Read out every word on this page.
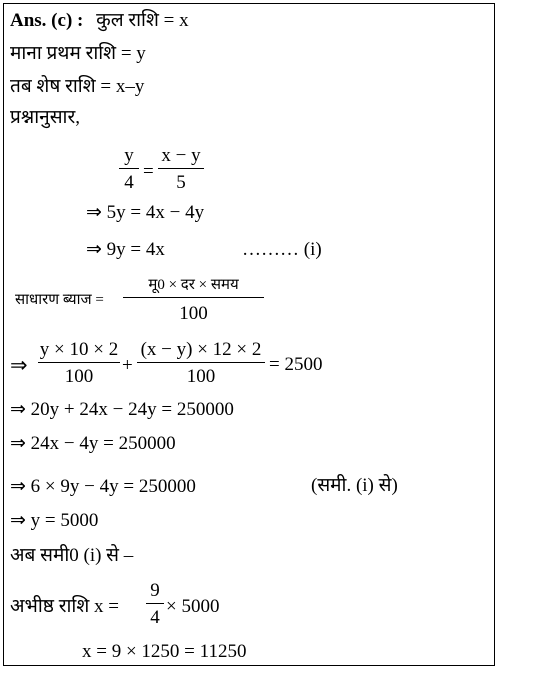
Ans. (c) : कुल राशि = x
माना प्रथम राशि = y
तब शेष राशि = x–y
प्रश्नानुसार,
y
4
=
x − y
5
⇒ 5y = 4x − 4y
⇒ 9y = 4x	……… (i)
साधारण ब्याज =
मू0 × दर × समय
100
⇒
y × 10 × 2
100
+
(x − y) × 12 × 2
100
= 2500
⇒ 20y + 24x − 24y = 250000
⇒ 24x − 4y = 250000
⇒ 6 × 9y − 4y = 250000	(समी. (i) से)
⇒ y = 5000
अब समी0 (i) से –
अभीष्ठ राशि x =
9
4
× 5000
x = 9 × 1250 = 11250
